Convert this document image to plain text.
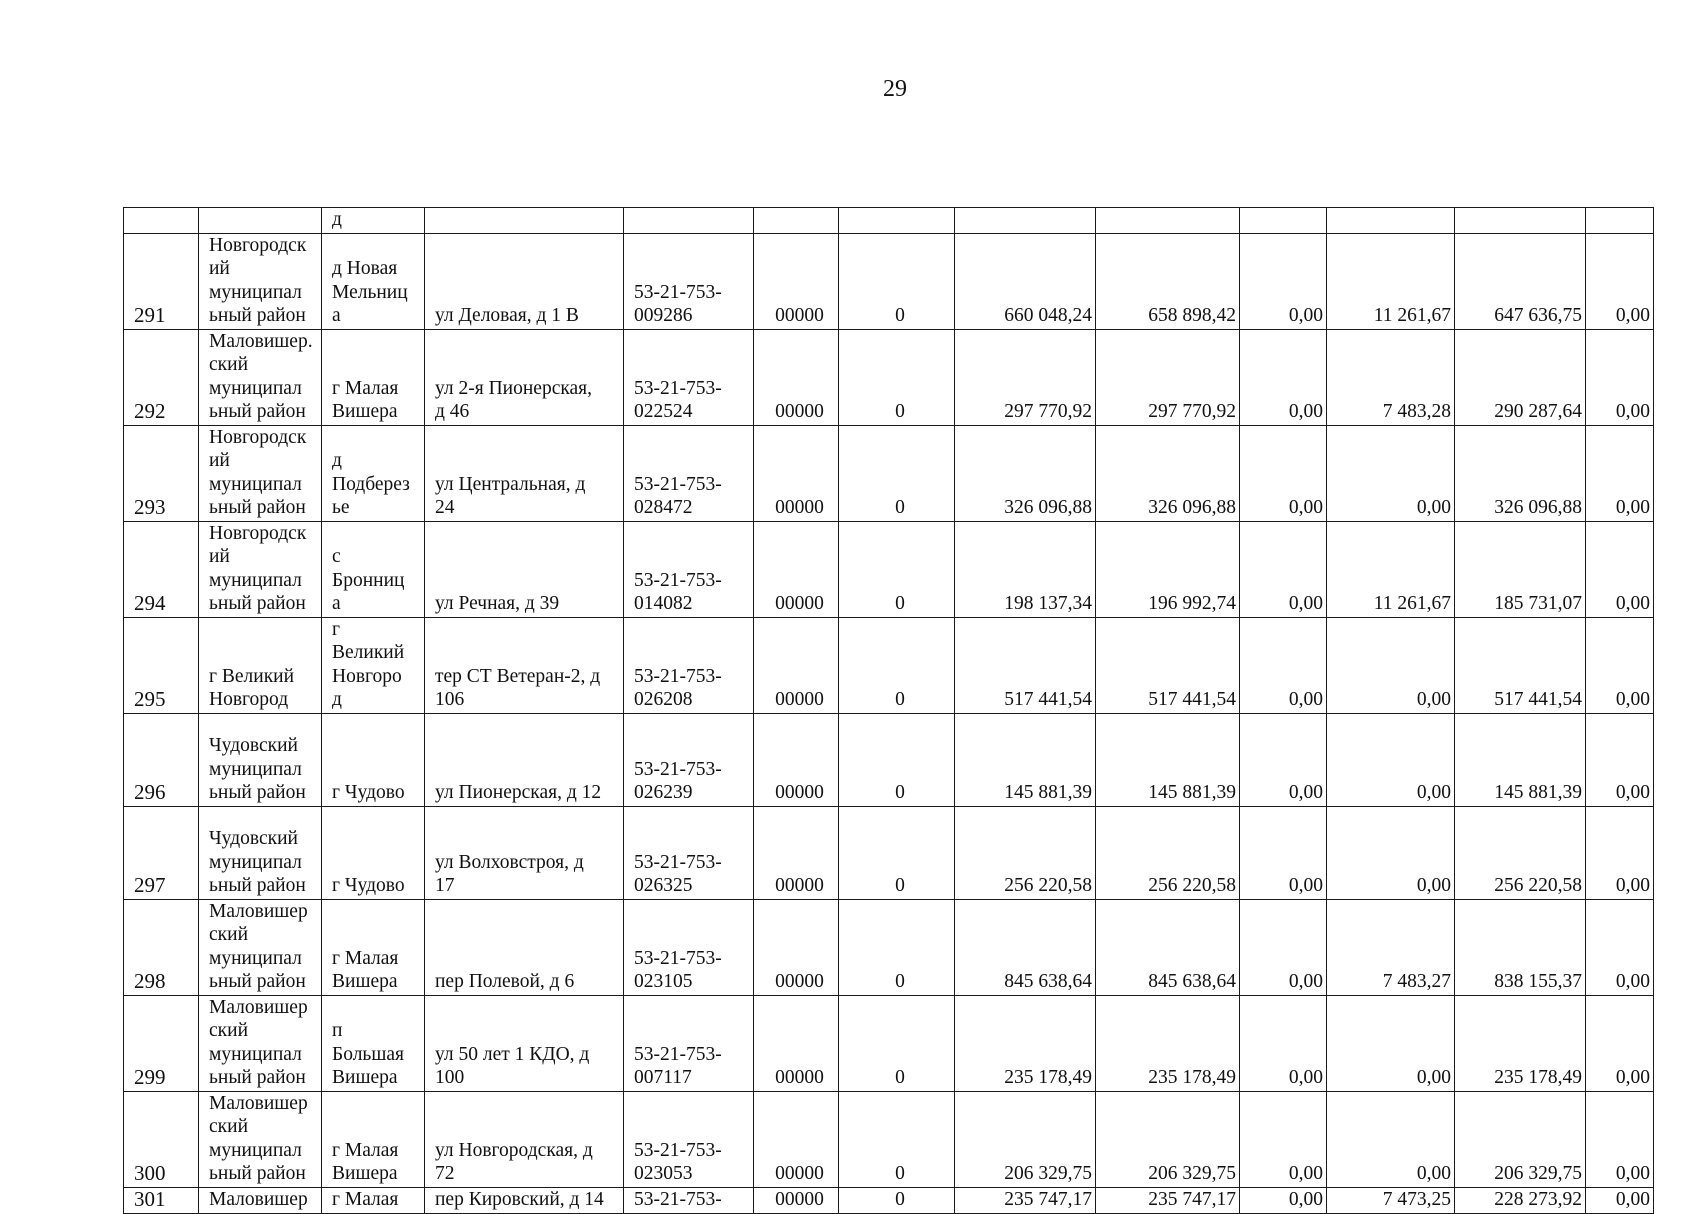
29
		д										
291	Новгородск
ий
муниципал
ьный район	д Новая
Мельниц
а	ул Деловая, д 1 В	53-21-753-
009286	00000	0	660 048,24	658 898,42	0,00	11 261,67	647 636,75	0,00
292	Маловишер.
ский
муниципал
ьный район	г Малая
Вишера	ул 2-я Пионерская,
д 46	53-21-753-
022524	00000	0	297 770,92	297 770,92	0,00	7 483,28	290 287,64	0,00
293	Новгородск
ий
муниципал
ьный район	д
Подберез
ье	ул Центральная, д
24	53-21-753-
028472	00000	0	326 096,88	326 096,88	0,00	0,00	326 096,88	0,00
294	Новгородск
ий
муниципал
ьный район	с
Бронниц
а	ул Речная, д 39	53-21-753-
014082	00000	0	198 137,34	196 992,74	0,00	11 261,67	185 731,07	0,00
295	г Великий
Новгород	г
Великий
Новгоро
д	тер СТ Ветеран-2, д
106	53-21-753-
026208	00000	0	517 441,54	517 441,54	0,00	0,00	517 441,54	0,00
296	Чудовский
муниципал
ьный район	г Чудово	ул Пионерская, д 12	53-21-753-
026239	00000	0	145 881,39	145 881,39	0,00	0,00	145 881,39	0,00
297	Чудовский
муниципал
ьный район	г Чудово	ул Волховстроя, д
17	53-21-753-
026325	00000	0	256 220,58	256 220,58	0,00	0,00	256 220,58	0,00
298	Маловишер
ский
муниципал
ьный район	г Малая
Вишера	пер Полевой, д 6	53-21-753-
023105	00000	0	845 638,64	845 638,64	0,00	7 483,27	838 155,37	0,00
299	Маловишер
ский
муниципал
ьный район	п
Большая
Вишера	ул 50 лет 1 КДО, д
100	53-21-753-
007117	00000	0	235 178,49	235 178,49	0,00	0,00	235 178,49	0,00
300	Маловишер
ский
муниципал
ьный район	г Малая
Вишера	ул Новгородская, д
72	53-21-753-
023053	00000	0	206 329,75	206 329,75	0,00	0,00	206 329,75	0,00
301	Маловишер	г Малая	пер Кировский, д 14	53-21-753-	00000	0	235 747,17	235 747,17	0,00	7 473,25	228 273,92	0,00
